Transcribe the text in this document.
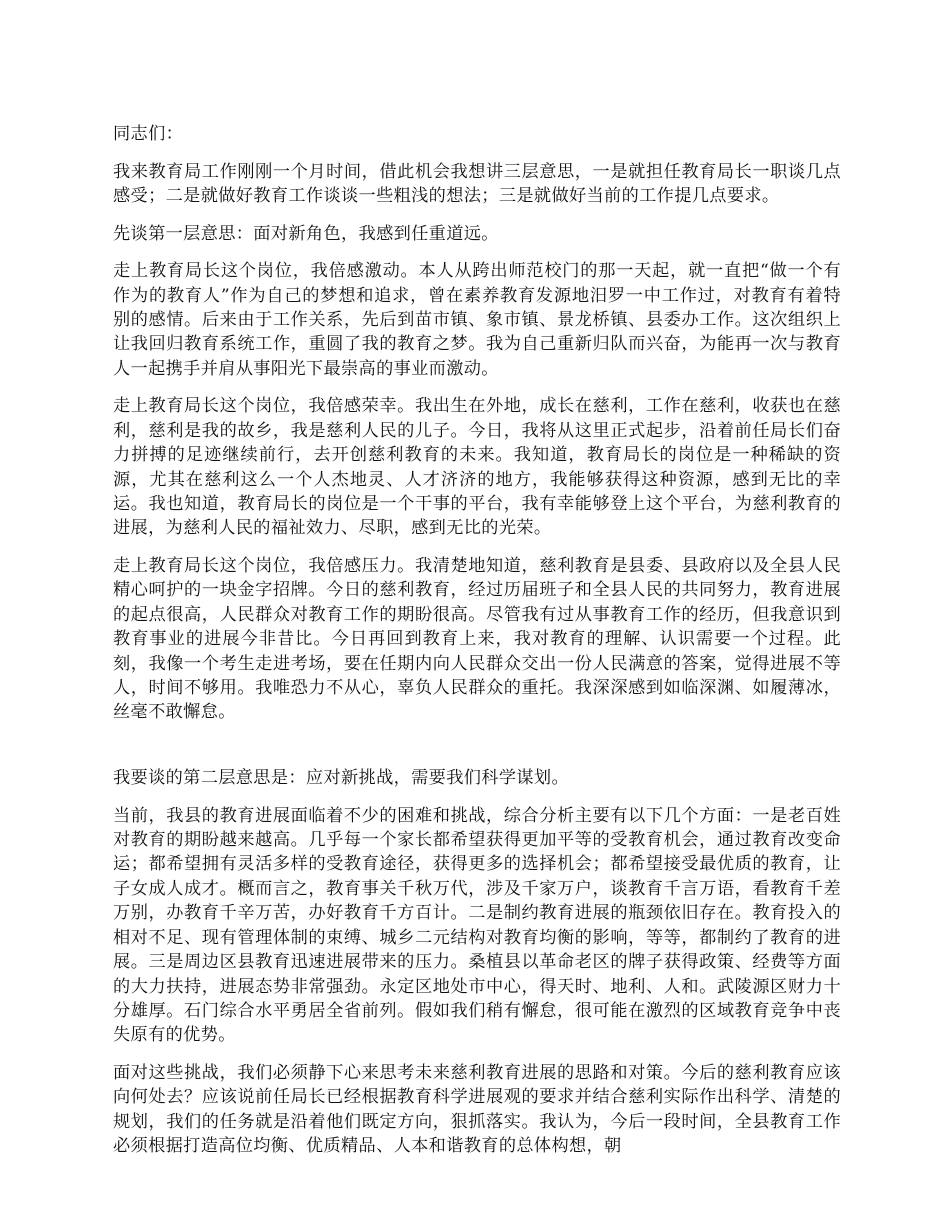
同志们：

我来教育局工作刚刚一个月时间，借此机会我想讲三层意思，一是就担任教育局长一职谈几点感受；二是就做好教育工作谈谈一些粗浅的想法；三是就做好当前的工作提几点要求。

先谈第一层意思：面对新角色，我感到任重道远。

走上教育局长这个岗位，我倍感激动。本人从跨出师范校门的那一天起，就一直把“做一个有作为的教育人”作为自己的梦想和追求，曾在素养教育发源地汨罗一中工作过，对教育有着特别的感情。后来由于工作关系，先后到苗市镇、象市镇、景龙桥镇、县委办工作。这次组织上让我回归教育系统工作，重圆了我的教育之梦。我为自己重新归队而兴奋，为能再一次与教育人一起携手并肩从事阳光下最崇高的事业而激动。

走上教育局长这个岗位，我倍感荣幸。我出生在外地，成长在慈利，工作在慈利，收获也在慈利，慈利是我的故乡，我是慈利人民的儿子。今日，我将从这里正式起步，沿着前任局长们奋力拼搏的足迹继续前行，去开创慈利教育的未来。我知道，教育局长的岗位是一种稀缺的资源，尤其在慈利这么一个人杰地灵、人才济济的地方，我能够获得这种资源，感到无比的幸运。我也知道，教育局长的岗位是一个干事的平台，我有幸能够登上这个平台，为慈利教育的进展，为慈利人民的福祉效力、尽职，感到无比的光荣。

走上教育局长这个岗位，我倍感压力。我清楚地知道，慈利教育是县委、县政府以及全县人民精心呵护的一块金字招牌。今日的慈利教育，经过历届班子和全县人民的共同努力，教育进展的起点很高，人民群众对教育工作的期盼很高。尽管我有过从事教育工作的经历，但我意识到教育事业的进展今非昔比。今日再回到教育上来，我对教育的理解、认识需要一个过程。此刻，我像一个考生走进考场，要在任期内向人民群众交出一份人民满意的答案，觉得进展不等人，时间不够用。我唯恐力不从心，辜负人民群众的重托。我深深感到如临深渊、如履薄冰，丝毫不敢懈怠。

我要谈的第二层意思是：应对新挑战，需要我们科学谋划。

当前，我县的教育进展面临着不少的困难和挑战，综合分析主要有以下几个方面：一是老百姓对教育的期盼越来越高。几乎每一个家长都希望获得更加平等的受教育机会，通过教育改变命运；都希望拥有灵活多样的受教育途径，获得更多的选择机会；都希望接受最优质的教育，让子女成人成才。概而言之，教育事关千秋万代，涉及千家万户，谈教育千言万语，看教育千差万别，办教育千辛万苦，办好教育千方百计。二是制约教育进展的瓶颈依旧存在。教育投入的相对不足、现有管理体制的束缚、城乡二元结构对教育均衡的影响，等等，都制约了教育的进展。三是周边区县教育迅速进展带来的压力。桑植县以革命老区的牌子获得政策、经费等方面的大力扶持，进展态势非常强劲。永定区地处市中心，得天时、地利、人和。武陵源区财力十分雄厚。石门综合水平勇居全省前列。假如我们稍有懈怠，很可能在激烈的区域教育竞争中丧失原有的优势。

面对这些挑战，我们必须静下心来思考未来慈利教育进展的思路和对策。今后的慈利教育应该向何处去？应该说前任局长已经根据教育科学进展观的要求并结合慈利实际作出科学、清楚的规划，我们的任务就是沿着他们既定方向，狠抓落实。我认为，今后一段时间，全县教育工作必须根据打造高位均衡、优质精品、人本和谐教育的总体构想，朝
